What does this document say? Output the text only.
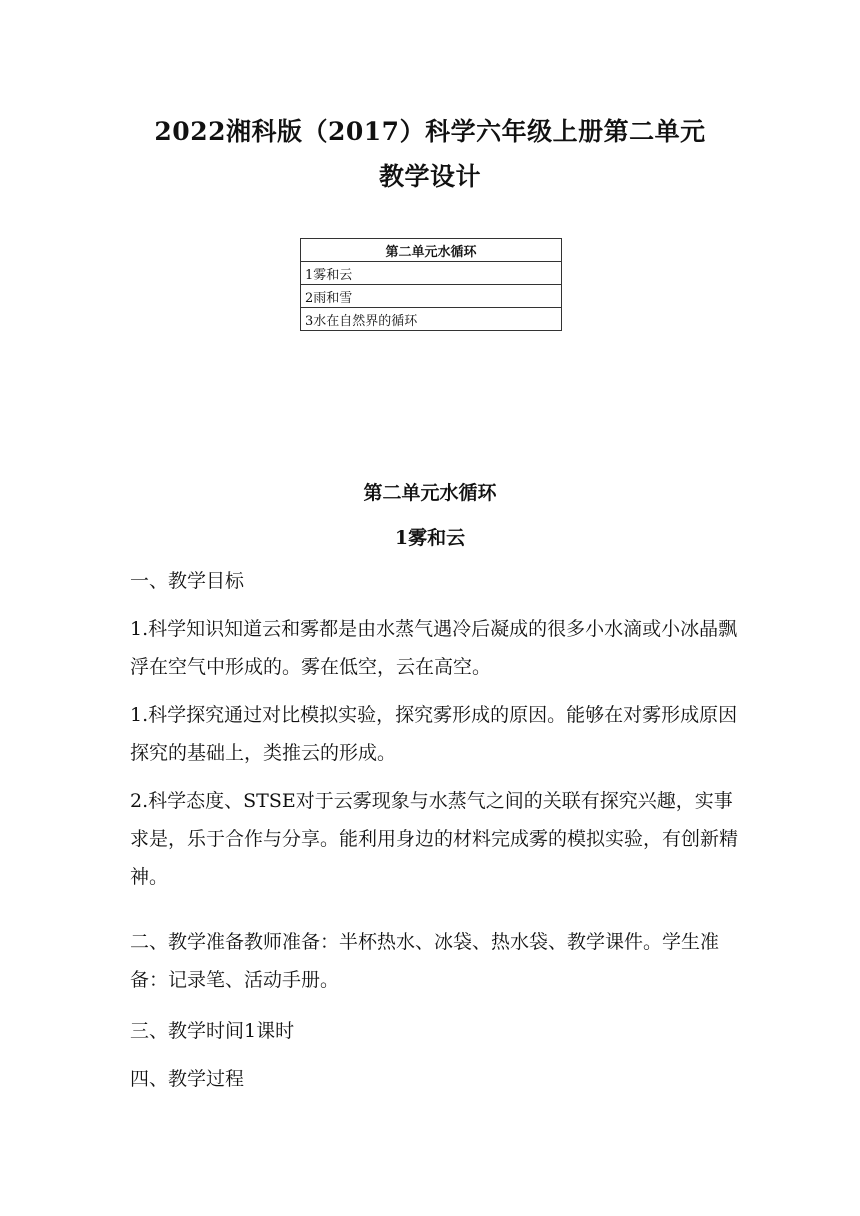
2022湘科版（2017）科学六年级上册第二单元
教学设计
第二单元水循环
1雾和云
2雨和雪
3水在自然界的循环
第二单元水循环
1雾和云
一、教学目标
1.科学知识知道云和雾都是由水蒸气遇冷后凝成的很多小水滴或小冰晶飘浮在空气中形成的。雾在低空，云在高空。
1.科学探究通过对比模拟实验，探究雾形成的原因。能够在对雾形成原因探究的基础上，类推云的形成。
2.科学态度、STSE对于云雾现象与水蒸气之间的关联有探究兴趣，实事求是，乐于合作与分享。能利用身边的材料完成雾的模拟实验，有创新精神。
二、教学准备教师准备：半杯热水、冰袋、热水袋、教学课件。学生准备：记录笔、活动手册。
三、教学时间1课时
四、教学过程
